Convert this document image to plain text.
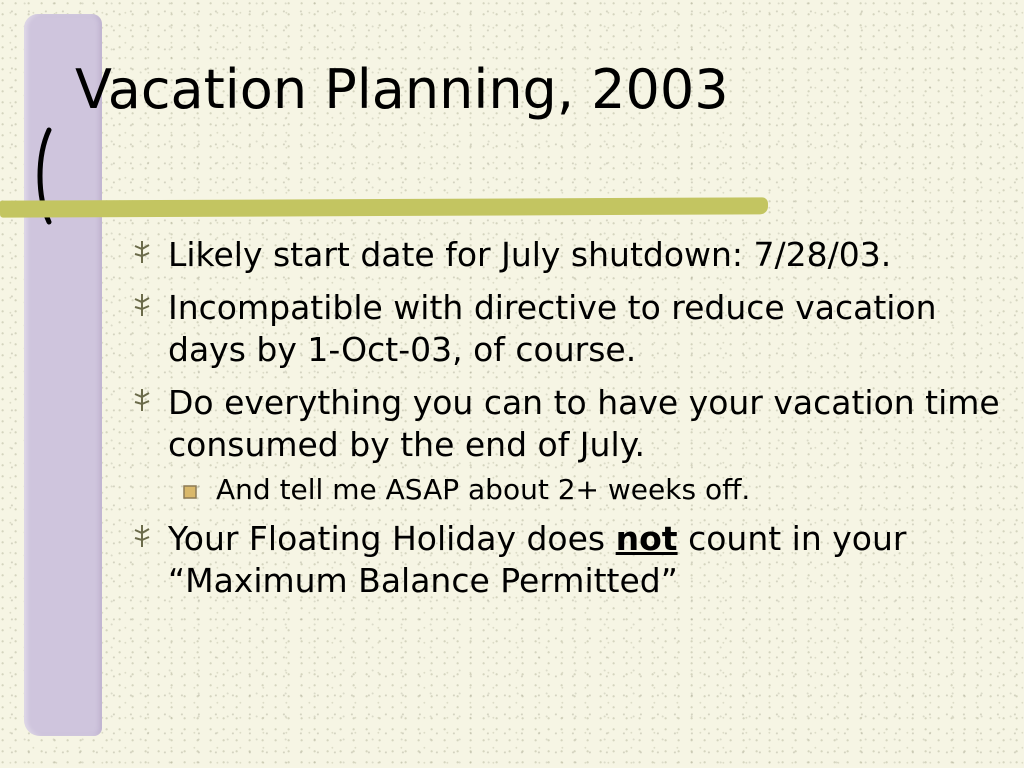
Vacation Planning, 2003
Likely start date for July shutdown: 7/28/03.
Incompatible with directive to reduce vacation days by 1-Oct-03, of course.
Do everything you can to have your vacation time consumed by the end of July.
And tell me ASAP about 2+ weeks off.
Your Floating Holiday does not count in your “Maximum Balance Permitted”
